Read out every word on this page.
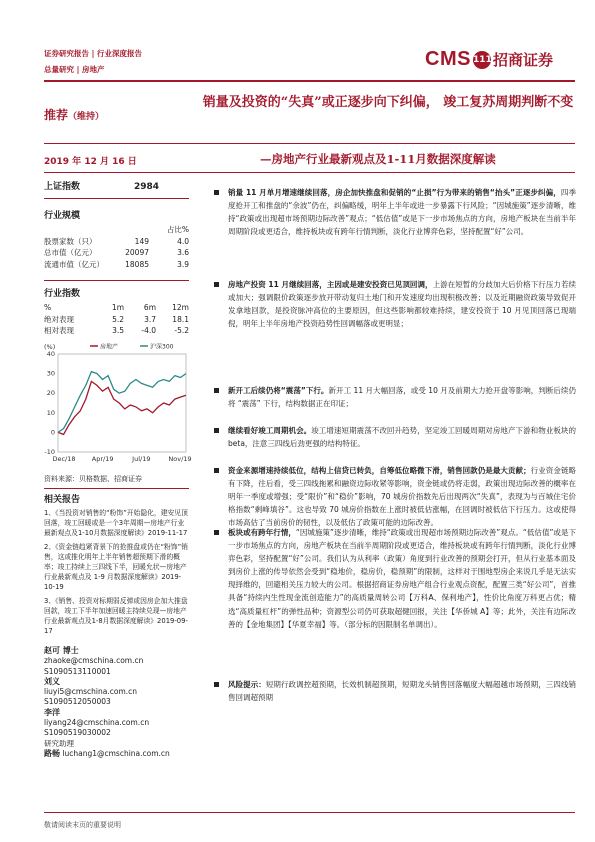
证券研究报告 | 行业深度报告
总量研究 | 房地产	CMS 111招商证券
推荐（维持）
销量及投资的“失真”或正逐步向下纠偏， 竣工复苏周期判断不变
2019 年 12 月 16 日	—房地产行业最新观点及1-11月数据深度解读
上证指数	2984
行业规模
占比%
股票家数（只）	149	4.0
总市值（亿元）	20097	3.6
流通市值（亿元）	18085	3.9
行业指数
%	1m	6m	12m
绝对表现	5.2	3.7	18.1
相对表现	3.5	-4.0	-5.2
(%)	房地产	沪深300
40
30
20
10
0
-10
Dec/18	Apr/19	Jul/19	Nov/19
资料来源：贝格数据、招商证券
相关报告
1、《当投资对销售的“粉饰”开始隐化，建安见顶回落，竣工回暖或是一个3年周期—房地产行业最新观点及1-10月数据深度解读》2019-11-17
2、《资金链趋紧背景下的抢推盘或仍在“粉饰”销售，这或推化明年上半年销售超预期下滑的概率；竣工持续上三四线下半，回暖允状—房地产行业最新观点及 1-9 月数据深度解读》2019-10-19
3、《销售、投资对标期弱反弹或因房企加大推盘回款，竣工下半年加速回暖主持续兑现—房地产行业最新观点及1-8月数据深度解读》2019-09-17
赵可 博士
zhaoke@cmschina.com.cn
S1090513110001
刘义
liuyi5@cmschina.com.cn
S1090512050003
李洋
liyang24@cmschina.com.cn
S1090519030002
研究助理
路畅 luchang1@cmschina.com.cn
销量 11 月单月增速继续回落，房企加快推盘和促销的“止损”行为带来的销售“抬头”正逐步纠偏，四季度抢开工和推盘的“余波”仍在，纠偏略缓，明年上半年或进一步暴露下行风险；“因城施策”逐步清晰，维持“政策或出现超市场预期边际改善”观点；“低估值”或是下一步市场焦点的方向，房地产板块在当前半年周期阶段或更适合，维持板块或有跨年行情判断，淡化行业博弈色彩，坚持配置“好”公司。
房地产投资 11 月继续回落，主因或是建安投资已见顶回调，上游在短暂的分歧加大后价格下行压力若续或加大；强调限价政策逐步放开带动复归土地门和开发速度均出现积极改善；以及近期融资政策导致促开发拿地回款，是投资脉冲高位的主要原因，但这些影响都较难持续，建安投资于 10 月见顶回落已现端倪，明年上半年房地产投资趋势性回调幅落或更明显；
新开工后续仍将“震荡”下行。新开工 11 月大幅回落，或受 10 月及前期大力抢开盘等影响，判断后续仍将 “震荡” 下行，结构数据正在印证；
继续看好竣工周期机会。竣工增速短期震荡不改回升趋势，坚定竣工回暖周期对房地产下游和物业板块的 beta，注意三四线后劲更强的结构特征。
资金来源增速持续低位，结构上信贷已转负，自筹低位略微下滑，销售回款仍是最大贡献；行业资金链略有下降，往后看，受三四线拖累和融资边际收紧等影响，资金链或仍将走弱，政策出现边际改善的概率在明年一季度或增强；受“限价”和“稳价”影响，70 城房价指数先后出现两次“失真”，表现为与百城住宅价格指数“剩峰填谷”。这也导致 70 城房价指数在上涨时被低估涨幅，在回调时被低估下行压力。这或使得市场高估了当前房价的韧性，以及低估了政策可能的边际改善。
板块或有跨年行情，“因城施策”逐步清晰，维持“政策或出现超市场预期边际改善”观点。“低估值”或是下一步市场焦点的方向，房地产板块在当前半周期阶段或更适合，维持板块或有跨年行情判断，淡化行业博弈色彩，坚持配置“好”公司。我们认为从利率（政策）角度到行业改善的预期会打开，但从行业基本面及到房价上涨的传导依然会受到“稳地价，稳房价，稳预期”的限制，这样对于围地型房企来说几乎是无法实现择维的，回避相关压力较大的公司。根据招商证券房地产组合行业观点资配，配置三类“好公司”，首推具备“持续内生性现金流创造能力”的高质量周转公司【万科A、保利地产】，性价比角度万科更占优；精选“高质量杠杆”的弹性品种；资源型公司仍可获取超健回报，关注【华侨城 A】等；此外，关注有边际改善的【金地集团】【华夏幸福】等。（部分标的因限制名单调出）。
风险提示：短期行政调控超预期，长效机制超预期，短期龙头销售回落幅度大幅超越市场预期，三四线销售回调超预期
敬请阅读末页的重要说明
